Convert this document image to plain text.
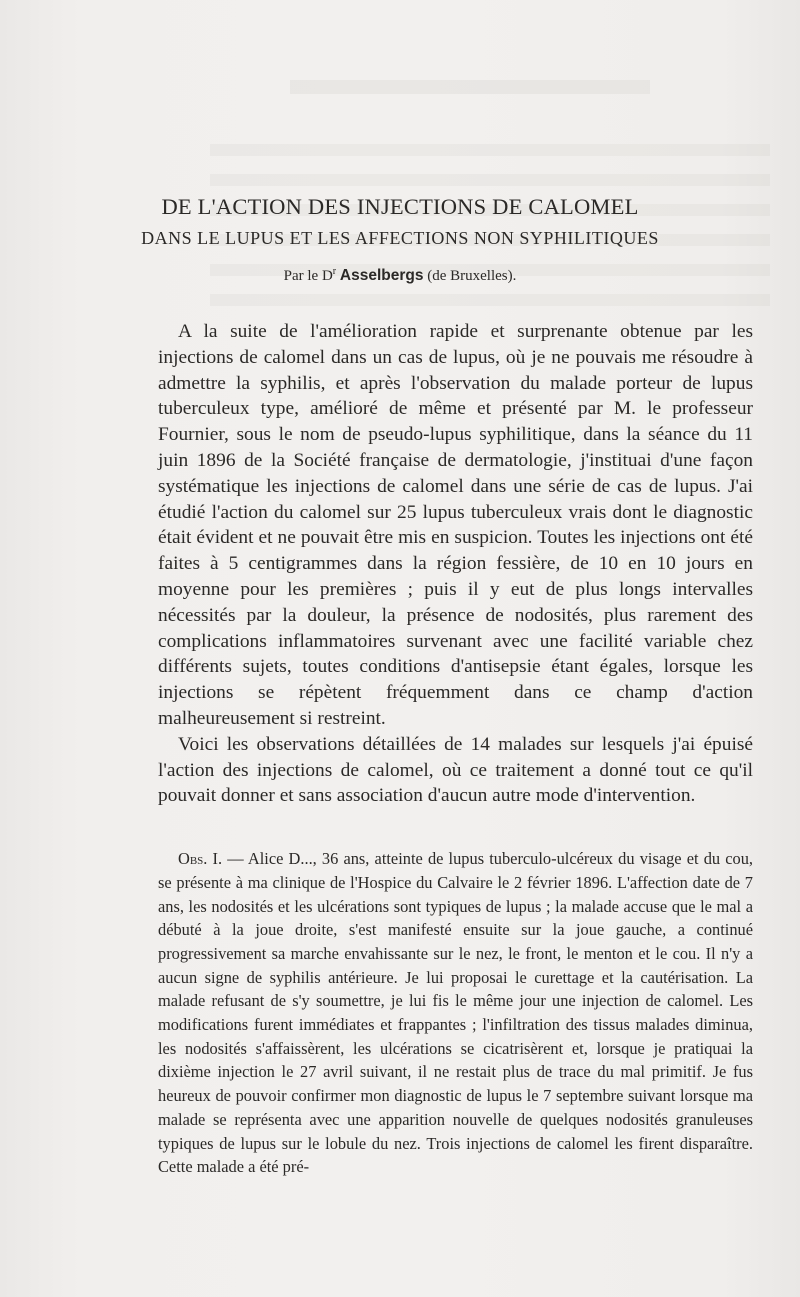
DE L'ACTION DES INJECTIONS DE CALOMEL
DANS LE LUPUS ET LES AFFECTIONS NON SYPHILITIQUES
Par le $D^r$ Asselbergs (de Bruxelles).

A la suite de l'amélioration rapide et surprenante obtenue par les injections de calomel dans un cas de lupus, où je ne pouvais me résoudre à admettre la syphilis, et après l'observation du malade porteur de lupus tuberculeux type, amélioré de même et présenté par M. le professeur Fournier, sous le nom de pseudo-lupus syphilitique, dans la séance du 11 juin 1896 de la Société française de dermatologie, j'instituai d'une façon systématique les injections de calomel dans une série de cas de lupus. J'ai étudié l'action du calomel sur 25 lupus tuberculeux vrais dont le diagnostic était évident et ne pouvait être mis en suspicion. Toutes les injections ont été faites à 5 centigrammes dans la région fessière, de 10 en 10 jours en moyenne pour les premières ; puis il y eut de plus longs intervalles nécessités par la douleur, la présence de nodosités, plus rarement des complications inflammatoires survenant avec une facilité variable chez différents sujets, toutes conditions d'antisepsie étant égales, lorsque les injections se répètent fréquemment dans ce champ d'action malheureusement si restreint.

Voici les observations détaillées de 14 malades sur lesquels j'ai épuisé l'action des injections de calomel, où ce traitement a donné tout ce qu'il pouvait donner et sans association d'aucun autre mode d'intervention.

Obs. I. — Alice D..., 36 ans, atteinte de lupus tuberculo-ulcéreux du visage et du cou, se présente à ma clinique de l'Hospice du Calvaire le 2 février 1896. L'affection date de 7 ans, les nodosités et les ulcérations sont typiques de lupus ; la malade accuse que le mal a débuté à la joue droite, s'est manifesté ensuite sur la joue gauche, a continué progressivement sa marche envahissante sur le nez, le front, le menton et le cou. Il n'y a aucun signe de syphilis antérieure. Je lui proposai le curettage et la cautérisation. La malade refusant de s'y soumettre, je lui fis le même jour une injection de calomel. Les modifications furent immédiates et frappantes ; l'infiltration des tissus malades diminua, les nodosités s'affaissèrent, les ulcérations se cicatrisèrent et, lorsque je pratiquai la dixième injection le 27 avril suivant, il ne restait plus de trace du mal primitif. Je fus heureux de pouvoir confirmer mon diagnostic de lupus le 7 septembre suivant lorsque ma malade se représenta avec une apparition nouvelle de quelques nodosités granuleuses typiques de lupus sur le lobule du nez. Trois injections de calomel les firent disparaître. Cette malade a été pré-
